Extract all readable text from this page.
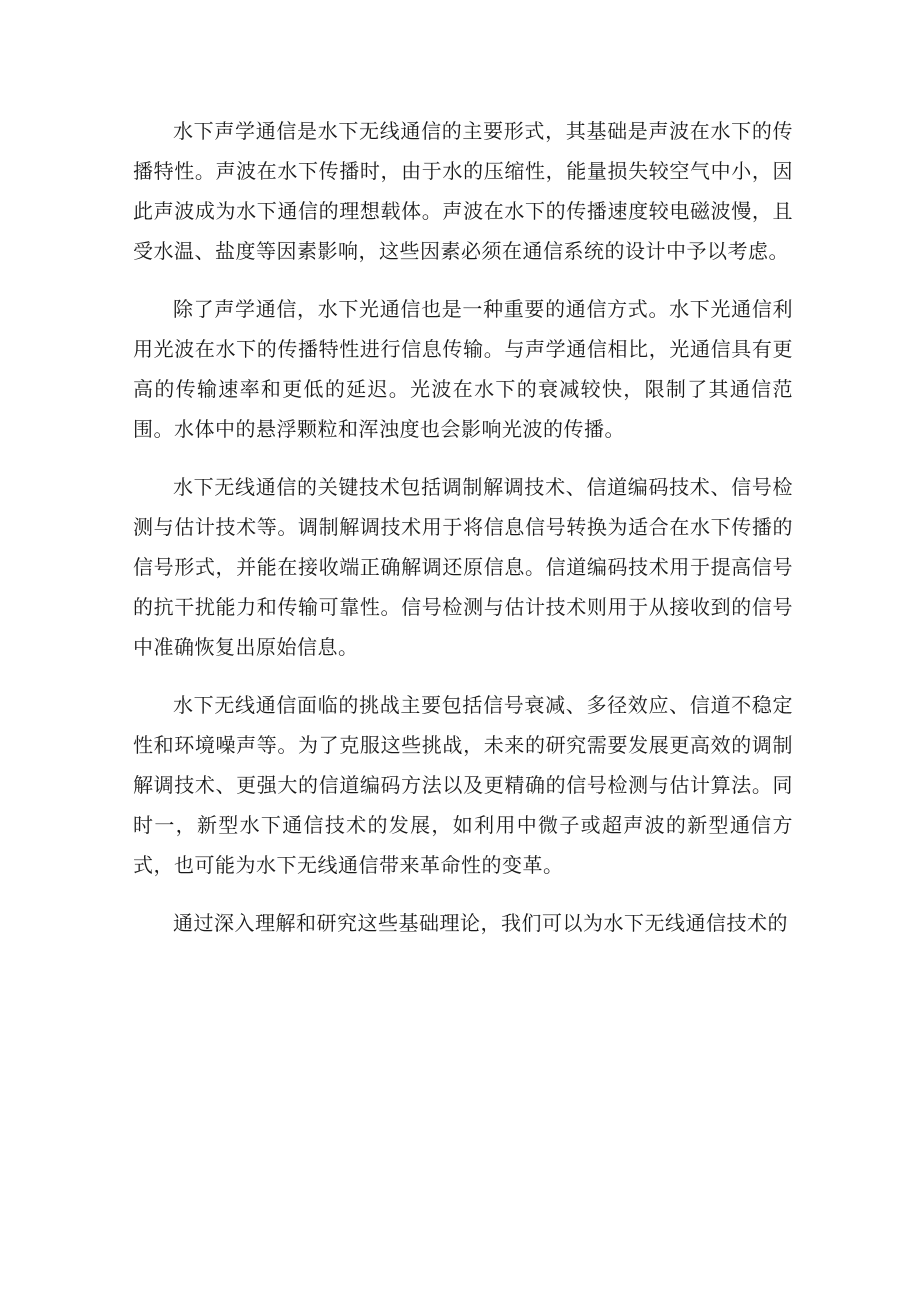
水下声学通信是水下无线通信的主要形式，其基础是声波在水下的传播特性。声波在水下传播时，由于水的压缩性，能量损失较空气中小，因此声波成为水下通信的理想载体。声波在水下的传播速度较电磁波慢，且受水温、盐度等因素影响，这些因素必须在通信系统的设计中予以考虑。

除了声学通信，水下光通信也是一种重要的通信方式。水下光通信利用光波在水下的传播特性进行信息传输。与声学通信相比，光通信具有更高的传输速率和更低的延迟。光波在水下的衰减较快，限制了其通信范围。水体中的悬浮颗粒和浑浊度也会影响光波的传播。

水下无线通信的关键技术包括调制解调技术、信道编码技术、信号检测与估计技术等。调制解调技术用于将信息信号转换为适合在水下传播的信号形式，并能在接收端正确解调还原信息。信道编码技术用于提高信号的抗干扰能力和传输可靠性。信号检测与估计技术则用于从接收到的信号中准确恢复出原始信息。

水下无线通信面临的挑战主要包括信号衰减、多径效应、信道不稳定性和环境噪声等。为了克服这些挑战，未来的研究需要发展更高效的调制解调技术、更强大的信道编码方法以及更精确的信号检测与估计算法。同时一，新型水下通信技术的发展，如利用中微子或超声波的新型通信方式，也可能为水下无线通信带来革命性的变革。

通过深入理解和研究这些基础理论，我们可以为水下无线通信技术的
